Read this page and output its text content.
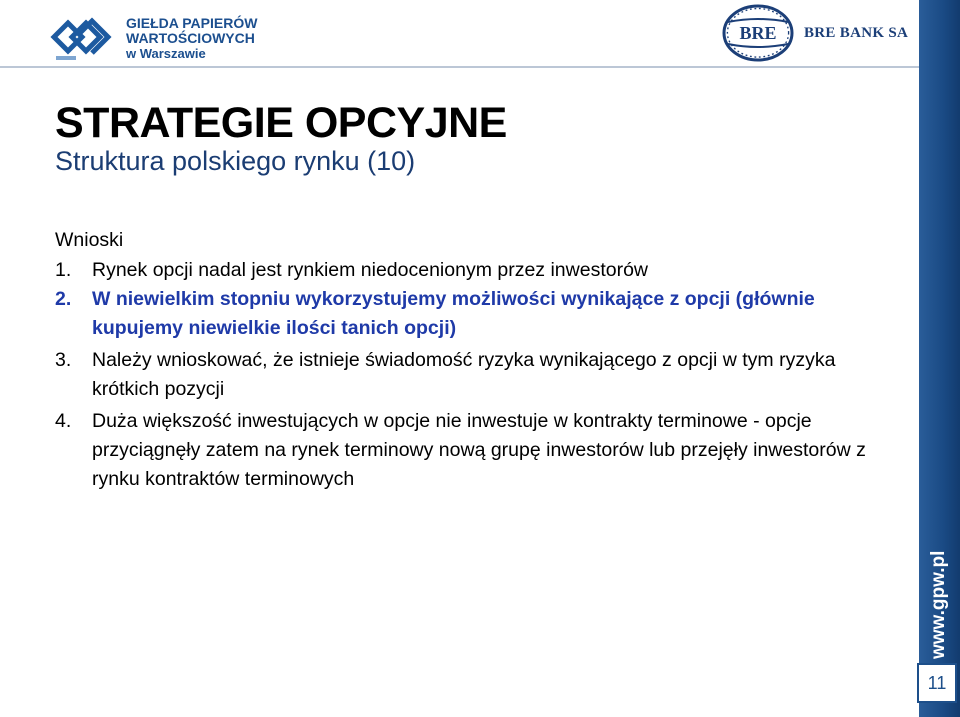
GIEŁDA PAPIERÓW
WARTOŚCIOWYCH
w Warszawie
BRE BRE BANK SA
www.gpw.pl
11
STRATEGIE OPCYJNE
Struktura polskiego rynku (10)

Wnioski

1. Rynek opcji nadal jest rynkiem niedocenionym przez inwestorów

2. W niewielkim stopniu wykorzystujemy możliwości wynikające z opcji (głównie kupujemy niewielkie ilości tanich opcji)

3. Należy wnioskować, że istnieje świadomość ryzyka wynikającego z opcji w tym ryzyka krótkich pozycji

4. Duża większość inwestujących w opcje nie inwestuje w kontrakty terminowe - opcje przyciągnęły zatem na rynek terminowy nową grupę inwestorów lub przejęły inwestorów z rynku kontraktów terminowych
